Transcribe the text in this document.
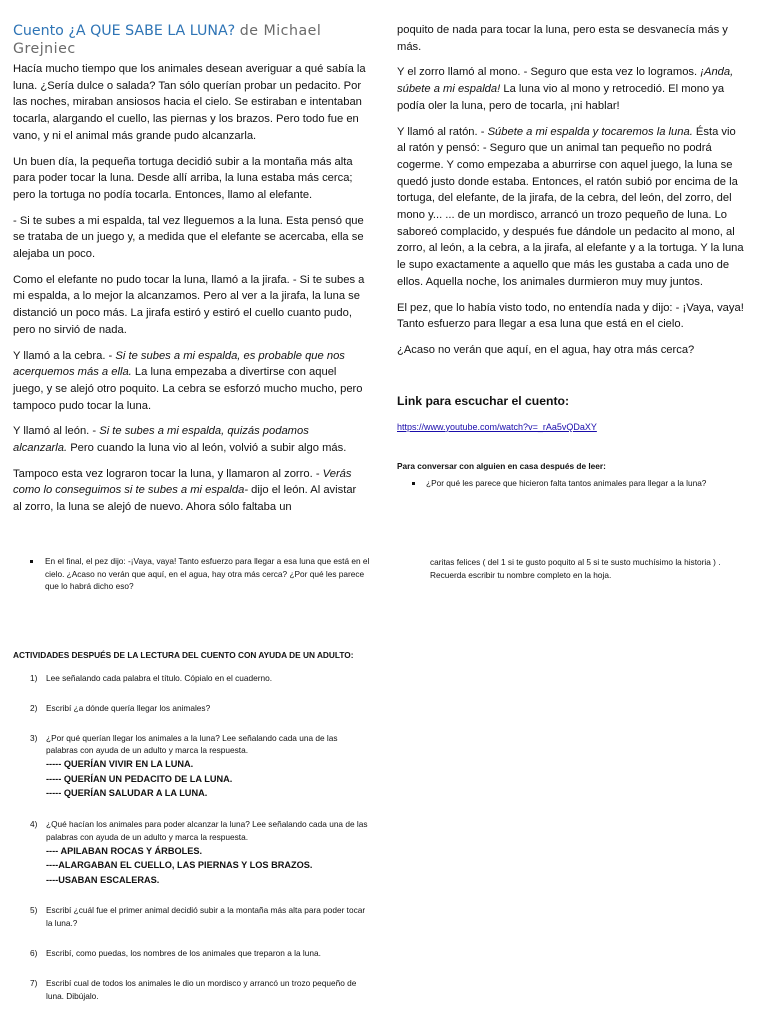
Cuento ¿A QUE SABE LA LUNA? de Michael Grejniec

Hacía mucho tiempo que los animales desean averiguar a qué sabía la luna. ¿Sería dulce o salada? Tan sólo querían probar un pedacito. Por las noches, miraban ansiosos hacia el cielo. Se estiraban e intentaban tocarla, alargando el cuello, las piernas y los brazos. Pero todo fue en vano, y ni el animal más grande pudo alcanzarla.

Un buen día, la pequeña tortuga decidió subir a la montaña más alta para poder tocar la luna. Desde allí arriba, la luna estaba más cerca; pero la tortuga no podía tocarla. Entonces, llamo al elefante.

- Si te subes a mi espalda, tal vez lleguemos a la luna. Esta pensó que se trataba de un juego y, a medida que el elefante se acercaba, ella se alejaba un poco.

Como el elefante no pudo tocar la luna, llamó a la jirafa. - Si te subes a mi espalda, a lo mejor la alcanzamos. Pero al ver a la jirafa, la luna se distanció un poco más. La jirafa estiró y estiró el cuello cuanto pudo, pero no sirvió de nada.

Y llamó a la cebra. - Si te subes a mi espalda, es probable que nos acerquemos más a ella. La luna empezaba a divertirse con aquel juego, y se alejó otro poquito. La cebra se esforzó mucho mucho, pero tampoco pudo tocar la luna.

Y llamó al león. - Si te subes a mi espalda, quizás podamos alcanzarla. Pero cuando la luna vio al león, volvió a subir algo más.

Tampoco esta vez lograron tocar la luna, y llamaron al zorro. - Verás como lo conseguimos si te subes a mi espalda- dijo el león. Al avistar al zorro, la luna se alejó de nuevo. Ahora sólo faltaba un

poquito de nada para tocar la luna, pero esta se desvanecía más y más.

Y el zorro llamó al mono. - Seguro que esta vez lo logramos. ¡Anda, súbete a mi espalda! La luna vio al mono y retrocedió. El mono ya podía oler la luna, pero de tocarla, ¡ni hablar!

Y llamó al ratón. - Súbete a mi espalda y tocaremos la luna. Ésta vio al ratón y pensó: - Seguro que un animal tan pequeño no podrá cogerme. Y como empezaba a aburrirse con aquel juego, la luna se quedó justo donde estaba. Entonces, el ratón subió por encima de la tortuga, del elefante, de la jirafa, de la cebra, del león, del zorro, del mono y... ... de un mordisco, arrancó un trozo pequeño de luna. Lo saboreó complacido, y después fue dándole un pedacito al mono, al zorro, al león, a la cebra, a la jirafa, al elefante y a la tortuga. Y la luna le supo exactamente a aquello que más les gustaba a cada uno de ellos. Aquella noche, los animales durmieron muy muy juntos.

El pez, que lo había visto todo, no entendía nada y dijo: - ¡Vaya, vaya! Tanto esfuerzo para llegar a esa luna que está en el cielo.

¿Acaso no verán que aquí, en el agua, hay otra más cerca?

Link para escuchar el cuento:
https://www.youtube.com/watch?v=_rAa5vQDaXY
Para conversar con alguien en casa después de leer:
¿Por qué les parece que hicieron falta tantos animales para llegar a la luna?
En el final, el pez dijo: -¡Vaya, vaya! Tanto esfuerzo para llegar a esa luna que está en el cielo. ¿Acaso no verán que aquí, en el agua, hay otra más cerca? ¿Por qué les parece que lo habrá dicho eso?
caritas felices ( del 1 si te gusto poquito al 5 si te susto muchísimo la historia ) . Recuerda escribir tu nombre completo en la hoja.
ACTIVIDADES DESPUÉS DE LA LECTURA DEL CUENTO CON AYUDA DE UN ADULTO:
1) Lee señalando cada palabra el título. Cópialo en el cuaderno.
2) Escribí ¿a dónde quería llegar los animales?
3) ¿Por qué querían llegar los animales a la luna? Lee señalando cada una de las palabras con ayuda de un adulto y marca la respuesta.
----- QUERÍAN VIVIR EN LA LUNA.
----- QUERÍAN UN PEDACITO DE LA LUNA.
----- QUERÍAN SALUDAR A LA LUNA.
4) ¿Qué hacían los animales para poder alcanzar la luna? Lee señalando cada una de las palabras con ayuda de un adulto y marca la respuesta.
---- APILABAN ROCAS Y ÁRBOLES.
----ALARGABAN EL CUELLO, LAS PIERNAS Y LOS BRAZOS.
----USABAN ESCALERAS.
5) Escribí ¿cuál fue el primer animal decidió subir a la montaña más alta para poder tocar la luna.?
6) Escribí, como puedas, los nombres de los animales que treparon a la luna.
7) Escribí cual de todos los animales le dio un mordisco y arrancó un trozo pequeño de luna. Dibújalo.
